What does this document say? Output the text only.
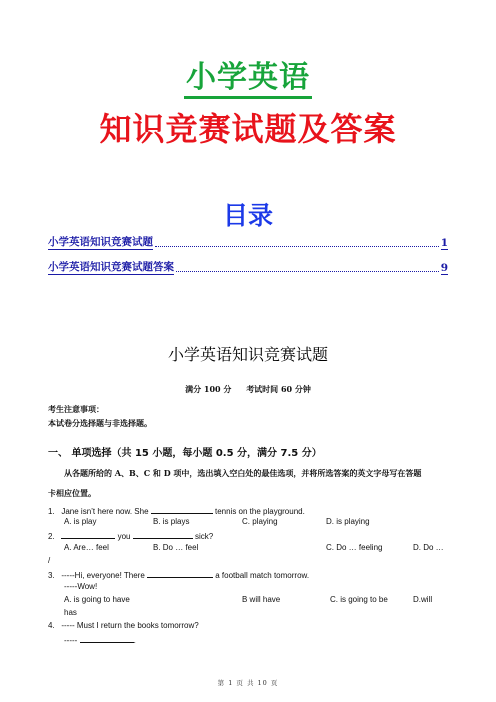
小学英语
知识竞赛试题及答案
目录
小学英语知识竞赛试题	1
小学英语知识竞赛试题答案	9
小学英语知识竞赛试题
满分 100 分 考试时间 60 分钟
考生注意事项：
本试卷分选择题与非选择题。
一、 单项选择（共 15 小题，每小题 0.5 分，满分 7.5 分）
从各题所给的 A、B、C 和 D 项中，选出填入空白处的最佳选项，并将所选答案的英文字母写在答题
卡相应位置。
1. Jane isn’t here now. She	tennis on the playground.
A. is play	B. is plays	C. playing	D. is playing
2.	you	sick?
A. Are… feel	B. Do … feel	C. Do … feeling	D. Do …
/
3. -----Hi, everyone! There	a football match tomorrow.
-----Wow!
A. is going to have	B will have	C. is going to be	D.will
has
4. ----- Must I return the books tomorrow?
-----	.
第 1 页 共 10 页
